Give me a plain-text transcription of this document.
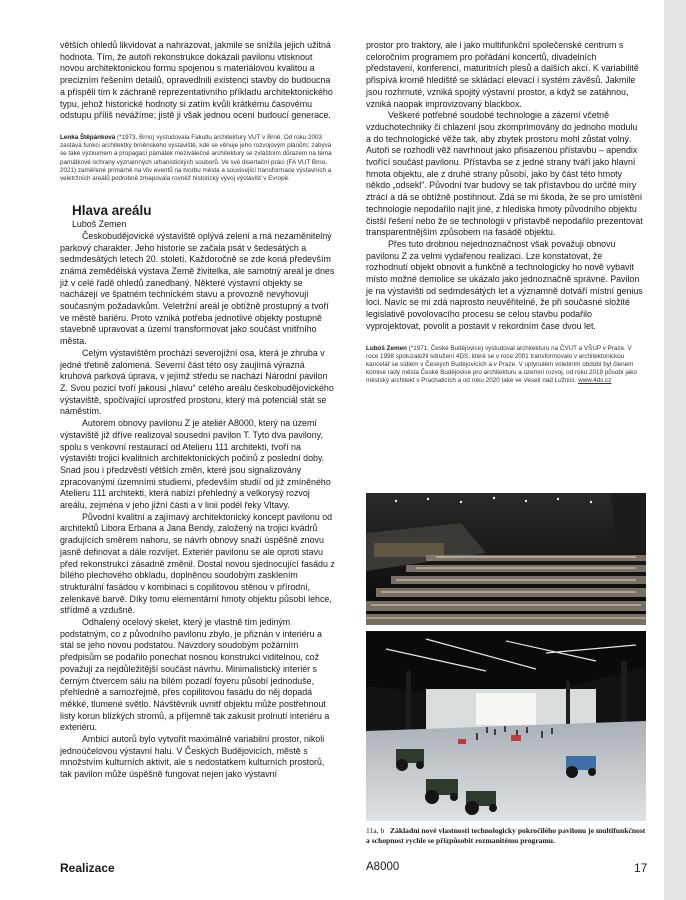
větších ohledů likvidovat a nahrazovat, jakmile se snížila jejich užitná hodnota. Tím, že autoři rekonstrukce dokázali pavilonu vtisknout novou architektonickou formu spojenou s materiálovou kvalitou a precizním řešením detailů, opravedlnili existenci stavby do budoucna a přispěli tím k záchraně reprezentativního příkladu architektonického typu, jehož historické hodnoty si zatím kvůli krátkému časovému odstupu příliš nevážíme; jistě ji však jednou ocení budoucí generace.

Lenka Štěpánková (*1973, Brno) vystudovala Fakultu architektury VUT v Brně. Od roku 2003 zastává funkci architektky brněnského výstaviště, kde se věnuje jeho rozvojovým plánům; zabývá se také výzkumem a propagací památek meziválečné architektury se zvláštním důrazem na téma památkové ochrany významných urbanistických souborů. Ve své disertační práci (FA VUT Brno, 2021) zaměřené primárně na vliv eventů na tvorbu města a související transformace výstavních a veletržních areálů podrobně zmapovala rovněž historický vývoj výstavišť v Evropě.

Hlava areálu
Luboš Zemen

Českobudějovické výstaviště oplývá zelení a má nezaměnitelný parkový charakter. Jeho historie se začala psát v šedesátých a sedmdesátých letech 20. století. Každoročně se zde koná především známá zemědělská výstava Země živitelka, ale samotný areál je dnes již v celé řadě ohledů zanedbaný. Některé výstavní objekty se nacházejí ve špatném technickém stavu a provozně nevyhovují současným požadavkům. Veletržní areál je obtížně prostupný a tvoří ve městě bariéru. Proto vzniká potřeba jednotlivé objekty postupně stavebně upravovat a území transformovat jako součást vnitřního města.

Celým výstavištěm prochází severojižní osa, která je zhruba v jedné třetině zalomená. Severní část této osy zaujímá výrazná kruhová parková úprava, v jejímž středu se nachází Národní pavilon Z. Svou pozicí tvoří jakousi „hlavu“ celého areálu českobudějovického výstaviště, spočívající uprostřed prostoru, který má potenciál stát se náměstím.

Autorem obnovy pavilonu Z je ateliér A8000, který na území výstaviště již dříve realizoval sousední pavilon T. Tyto dva pavilony, spolu s venkovní restaurací od Atelieru 111 architekti, tvoří na výstavišti trojici kvalitních architektonických počinů z poslední doby. Snad jsou i předzvěstí větších změn, které jsou signalizovány zpracovanými územními studiemi, především studií od již zmíněného Atelieru 111 architekti, která nabízí přehledný a velkorysý rozvoj areálu, zejména v jeho jižní části a v linii podél řeky Vltavy.

Původní kvalitní a zajímavý architektonický koncept pavilonu od architektů Libora Erbana a Jana Bendy, založený na trojici kvádrů gradujících směrem nahoru, se návrh obnovy snaží úspěšně znovu jasně definovat a dále rozvíjet. Exteriér pavilonu se ale oproti stavu před rekonstrukcí zásadně změnil. Dostal novou sjednocující fasádu z bílého plechového obkladu, doplněnou soudobým zasklením strukturální fasádou v kombinaci s copilitovou stěnou v přírodní, zelenkavé barvě. Díky tomu elementární hmoty objektu působí lehce, střídmě a vzdušně.

Odhalený ocelový skelet, který je vlastně tím jediným podstatným, co z původního pavilonu zbylo, je přiznán v interiéru a stal se jeho novou podstatou. Navzdory soudobým požárním předpisům se podařilo ponechat nosnou konstrukci viditelnou, což považuji za nejdůležitější součást návrhu. Minimalistický interiér s černým čtvercem sálu na bílém pozadí foyeru působí jednoduše, přehledně a samozřejmě, přes copilitovou fasádu do něj dopadá měkké, tlumené světlo. Návštěvník uvnitř objektu může postřehnout listy korun blízkých stromů, a příjemně tak zakusit prolnutí interiéru a exteriéru.

Ambicí autorů bylo vytvořit maximálně variabilní prostor, nikoli jednoúčelovou výstavní halu. V Českých Budějovicích, městě s množstvím kulturních aktivit, ale s nedostatkem kulturních prostorů, tak pavilon může úspěšně fungovat nejen jako výstavní

prostor pro traktory, ale i jako multifunkční společenské centrum s celoročním programem pro pořádání koncertů, divadelních představení, konferencí, maturitních plesů a dalších akcí. K variabilitě přispívá kromě hlediště se skládací elevací i systém závěsů. Jakmile jsou rozhrnuté, vzniká spojitý výstavní prostor, a když se zatáhnou, vzniká naopak improvizovaný blackbox.

Veškeré potřebné soudobé technologie a zázemí včetně vzduchotechniky či chlazení jsou zkomprimovány do jednoho modulu a do technologické věže tak, aby zbytek prostoru mohl zůstat volný. Autoři se rozhodli věž navrhnout jako přisazenou přístavbu – apendix tvořící součást pavilonu. Přístavba se z jedné strany tváří jako hlavní hmota objektu, ale z druhé strany působí, jako by část této hmoty někdo „odsekl“. Původní tvar budovy se tak přístavbou do určité míry ztrácí a dá se obtížně postihnout. Zdá se mi škoda, že se pro umístění technologie nepodařilo najít jiné, z hlediska hmoty původního objektu čistší řešení nebo že se technologii v přístavbě nepodařilo prezentovat transparentnějším způsobem na fasádě objektu.

Přes tuto drobnou nejednoznačnost však považuji obnovu pavilonu Z za velmi vydařenou realizaci. Lze konstatovat, že rozhodnutí objekt obnovit a funkčně a technologicky ho nově vybavit místo možné demolice se ukázalo jako jednoznačně správné. Pavilon je na výstavišti od sedmdesátých let a významně dotváří místní genius loci. Navíc se mi zdá naprosto neuvěřitelné, že při současné složité legislativě povolovacího procesu se celou stavbu podařilo vyprojektovat, povolit a postavit v rekordním čase dvou let.

Luboš Zemen (*1971, České Budějovice) vystudoval architekturu na ČVUT a VŠUP v Praze. V roce 1998 spoluzaložil sdružení 4DS, které se v roce 2001 transformovalo v architektonickou kancelář se sídlem v Českých Budějovicích a v Praze. V uplynulém volebním období byl členem komise rady města České Budějovice pro architekturu a územní rozvoj, od roku 2019 působí jako městský architekt v Prachaticích a od roku 2020 také ve Veselí nad Lužnicí. www.4ds.cz

11a, b Základní nové vlastnosti technologicky pokročilého pavilonu je multifunkčnost a schopnost rychle se přizpůsobit rozmanitému programu.
Realizace	A8000	17
